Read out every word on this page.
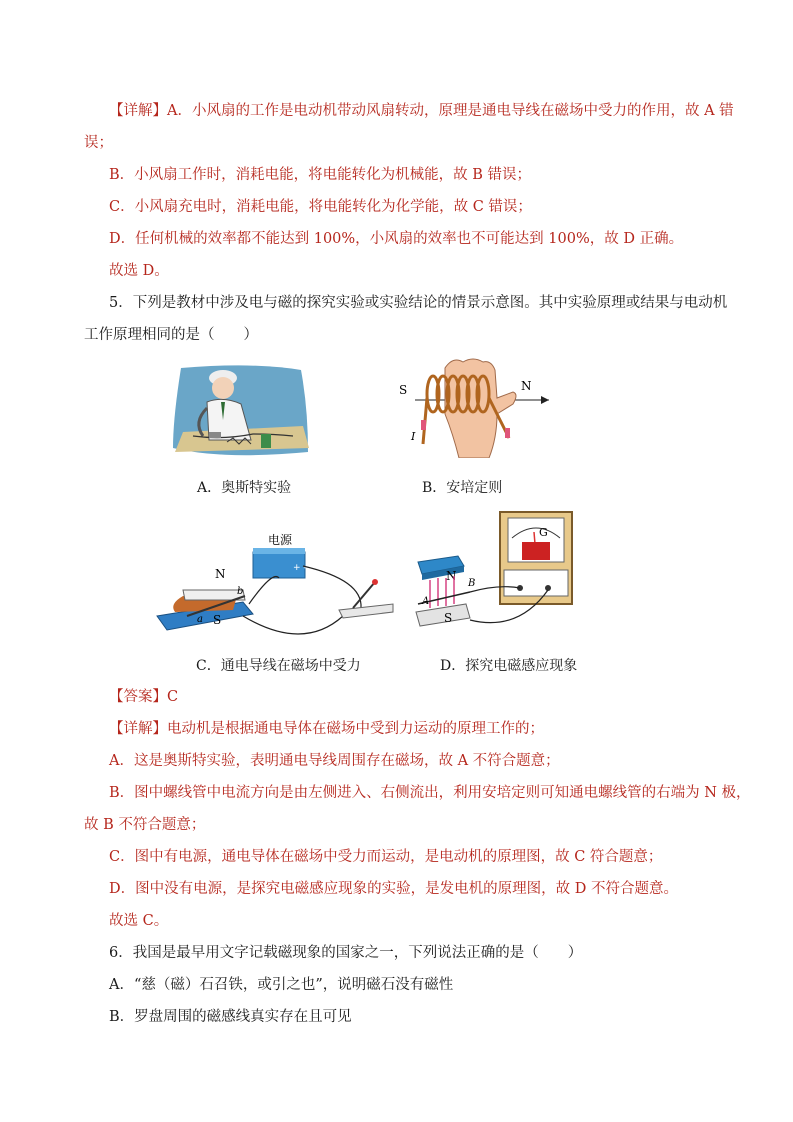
【详解】A．小风扇的工作是电动机带动风扇转动，原理是通电导线在磁场中受力的作用，故 A 错
误；
B．小风扇工作时，消耗电能，将电能转化为机械能，故 B 错误；
C．小风扇充电时，消耗电能，将电能转化为化学能，故 C 错误；
D．任何机械的效率都不能达到 100%，小风扇的效率也不可能达到 100%，故 D 正确。
故选 D。
5．下列是教材中涉及电与磁的探究实验或实验结论的情景示意图。其中实验原理或结果与电动机
工作原理相同的是（　　）
A．奥斯特实验
S	N
I
B．安培定则
电源
+ -
N
S
a
b
C．通电导线在磁场中受力
G
N
S
A
B
D．探究电磁感应现象
【答案】C
【详解】电动机是根据通电导体在磁场中受到力运动的原理工作的；
A．这是奥斯特实验，表明通电导线周围存在磁场，故 A 不符合题意；
B．图中螺线管中电流方向是由左侧进入、右侧流出，利用安培定则可知通电螺线管的右端为 N 极，
故 B 不符合题意；
C．图中有电源，通电导体在磁场中受力而运动，是电动机的原理图，故 C 符合题意；
D．图中没有电源，是探究电磁感应现象的实验，是发电机的原理图，故 D 不符合题意。
故选 C。
6．我国是最早用文字记载磁现象的国家之一，下列说法正确的是（　　）
A．“慈（磁）石召铁，或引之也”，说明磁石没有磁性
B．罗盘周围的磁感线真实存在且可见
